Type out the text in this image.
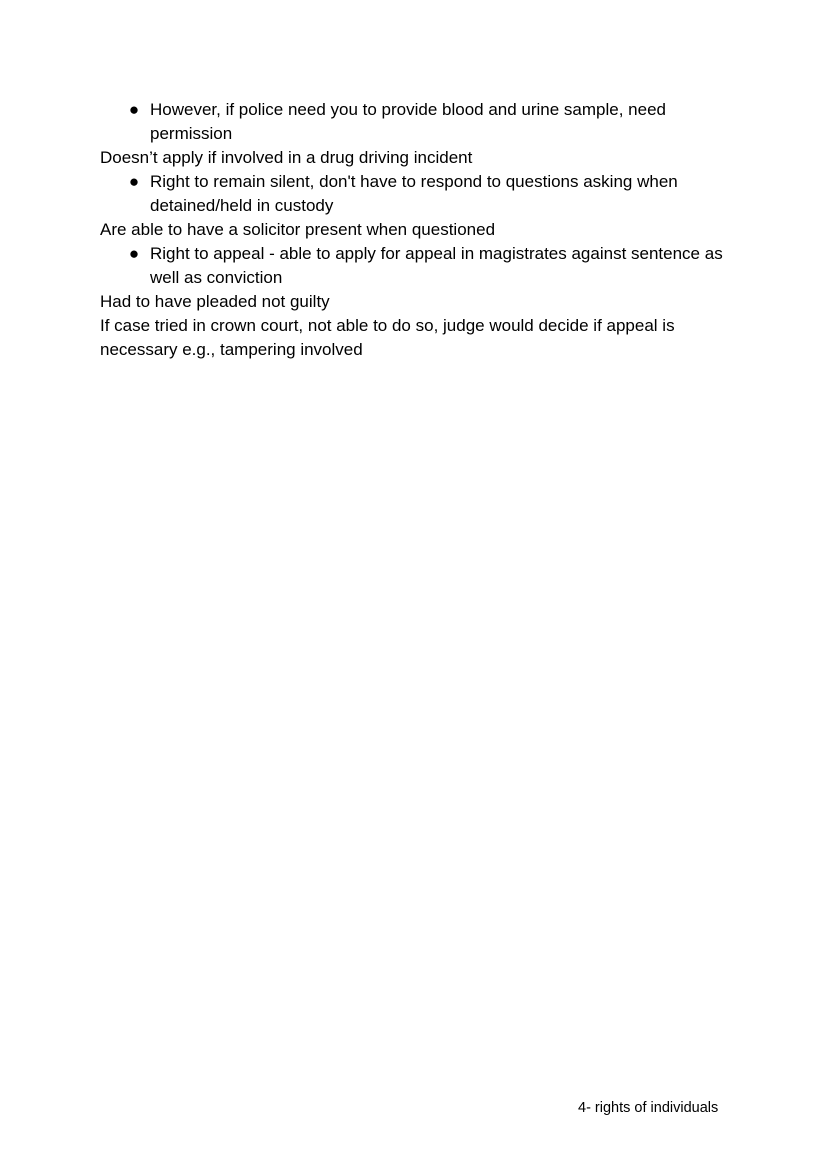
● However, if police need you to provide blood and urine sample, need permission
Doesn’t apply if involved in a drug driving incident
● Right to remain silent, don't have to respond to questions asking when detained/held in custody
Are able to have a solicitor present when questioned
● Right to appeal - able to apply for appeal in magistrates against sentence as well as conviction
Had to have pleaded not guilty
If case tried in crown court, not able to do so, judge would decide if appeal is necessary e.g., tampering involved
4- rights of individuals
